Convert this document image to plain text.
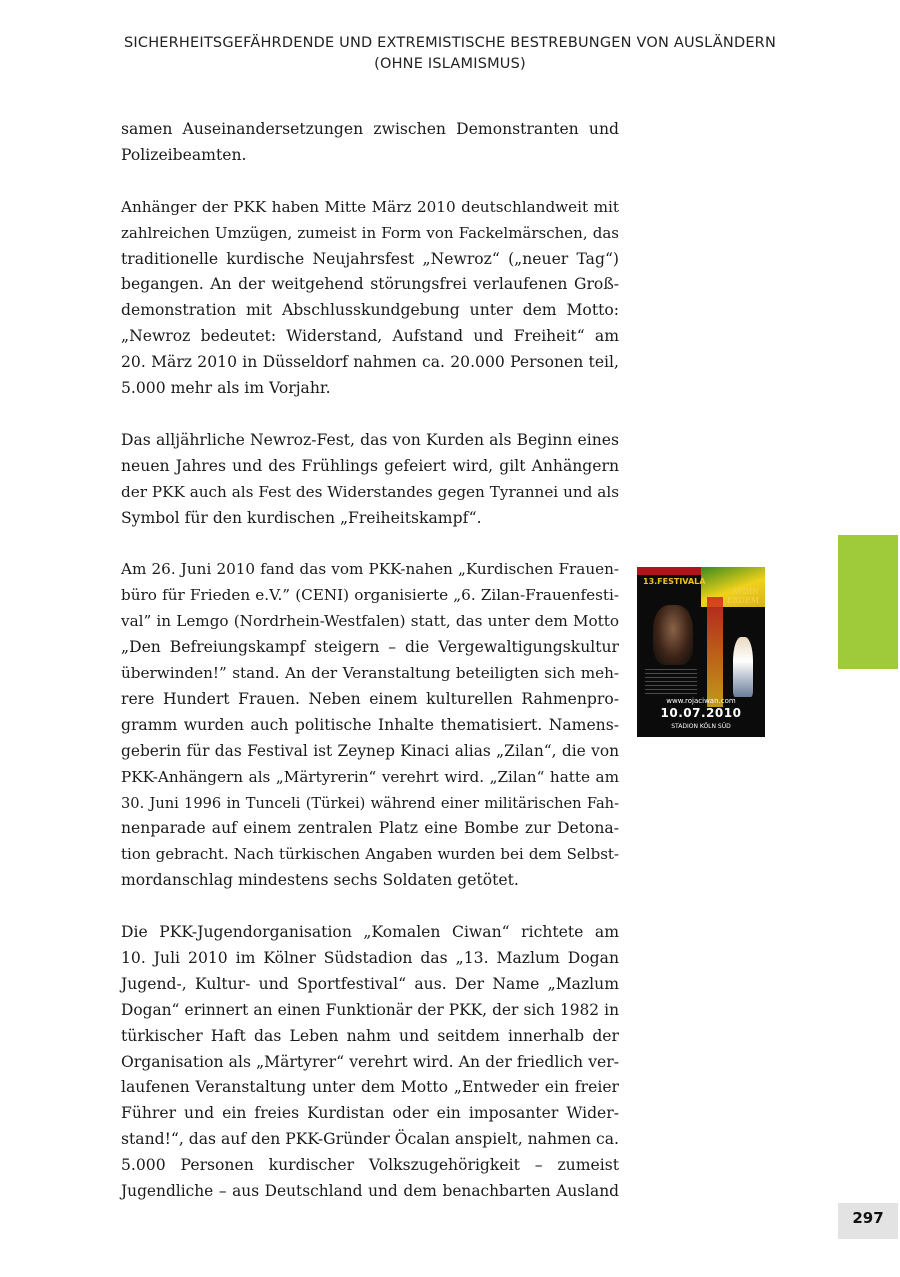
SICHERHEITSGEFÄHRDENDE UND EXTREMISTISCHE BESTREBUNGEN VON AUSLÄNDERN
(OHNE ISLAMISMUS)

samen Auseinandersetzungen zwischen Demonstranten und
Polizeibeamten.

Anhänger der PKK haben Mitte März 2010 deutschlandweit mit
zahlreichen Umzügen, zumeist in Form von Fackelmärschen, das
traditionelle kurdische Neujahrsfest „Newroz“ („neuer Tag“)
begangen. An der weitgehend störungsfrei verlaufenen Groß-
demonstration mit Abschlusskundgebung unter dem Motto:
„Newroz bedeutet: Widerstand, Aufstand und Freiheit“ am
20. März 2010 in Düsseldorf nahmen ca. 20.000 Personen teil,
5.000 mehr als im Vorjahr.

Das alljährliche Newroz-Fest, das von Kurden als Beginn eines
neuen Jahres und des Frühlings gefeiert wird, gilt Anhängern
der PKK auch als Fest des Widerstandes gegen Tyrannei und als
Symbol für den kurdischen „Freiheitskampf“.

Am 26. Juni 2010 fand das vom PKK-nahen „Kurdischen Frauen-
büro für Frieden e.V.” (CENI) organisierte „6. Zilan-Frauenfesti-
val” in Lemgo (Nordrhein-Westfalen) statt, das unter dem Motto
„Den Befreiungskampf steigern – die Vergewaltigungskultur
überwinden!” stand. An der Veranstaltung beteiligten sich meh-
rere Hundert Frauen. Neben einem kulturellen Rahmenpro-
gramm wurden auch politische Inhalte thematisiert. Namens-
geberin für das Festival ist Zeynep Kinaci alias „Zilan“, die von
PKK-Anhängern als „Märtyrerin“ verehrt wird. „Zilan“ hatte am
30. Juni 1996 in Tunceli (Türkei) während einer militärischen Fah-
nenparade auf einem zentralen Platz eine Bombe zur Detona-
tion gebracht. Nach türkischen Angaben wurden bei dem Selbst-
mordanschlag mindestens sechs Soldaten getötet.

Die PKK-Jugendorganisation „Komalen Ciwan“ richtete am
10. Juli 2010 im Kölner Südstadion das „13. Mazlum Dogan
Jugend-, Kultur- und Sportfestival“ aus. Der Name „Mazlum
Dogan“ erinnert an einen Funktionär der PKK, der sich 1982 in
türkischer Haft das Leben nahm und seitdem innerhalb der
Organisation als „Märtyrer“ verehrt wird. An der friedlich ver-
laufenen Veranstaltung unter dem Motto „Entweder ein freier
Führer und ein freies Kurdistan oder ein imposanter Wider-
stand!“, das auf den PKK-Gründer Öcalan anspielt, nahmen ca.
5.000 Personen kurdischer Volkszugehörigkeit – zumeist
Jugendliche – aus Deutschland und dem benachbarten Ausland

13.FESTIVALA
AYDIN
ERDEM
www.rojaciwan.com
10.07.2010
STADION KÖLN SÜD
297
